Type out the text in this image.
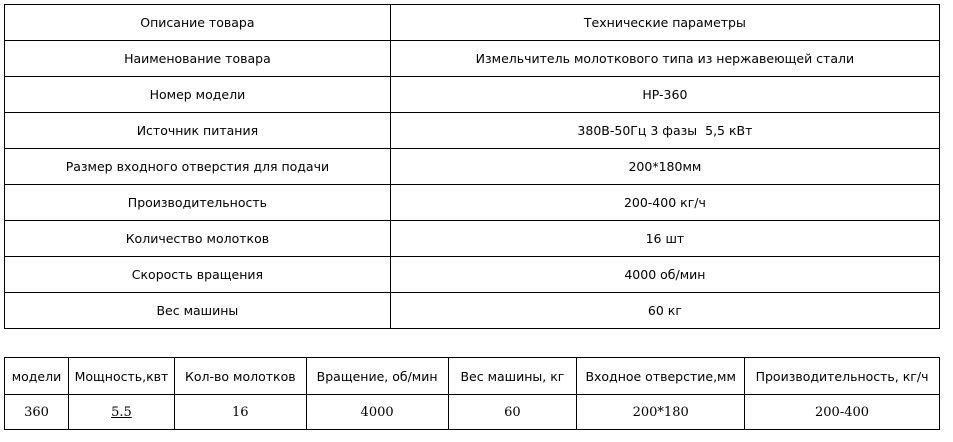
Описание товара	Технические параметры
Наименование товара	Измельчитель молоткового типа из нержавеющей стали
Номер модели	HP-360
Источник питания	380В-50Гц 3 фазы  5,5 кВт
Размер входного отверстия для подачи	200*180мм
Производительность	200-400 кг/ч
Количество молотков	16 шт
Скорость вращения	4000 об/мин
Вес машины	60 кг
модели	Мощность,квт	Кол-во молотков	Вращение, об/мин	Вес машины, кг	Входное отверстие,мм	Производительность, кг/ч
360	5.5	16	4000	60	200*180	200-400
